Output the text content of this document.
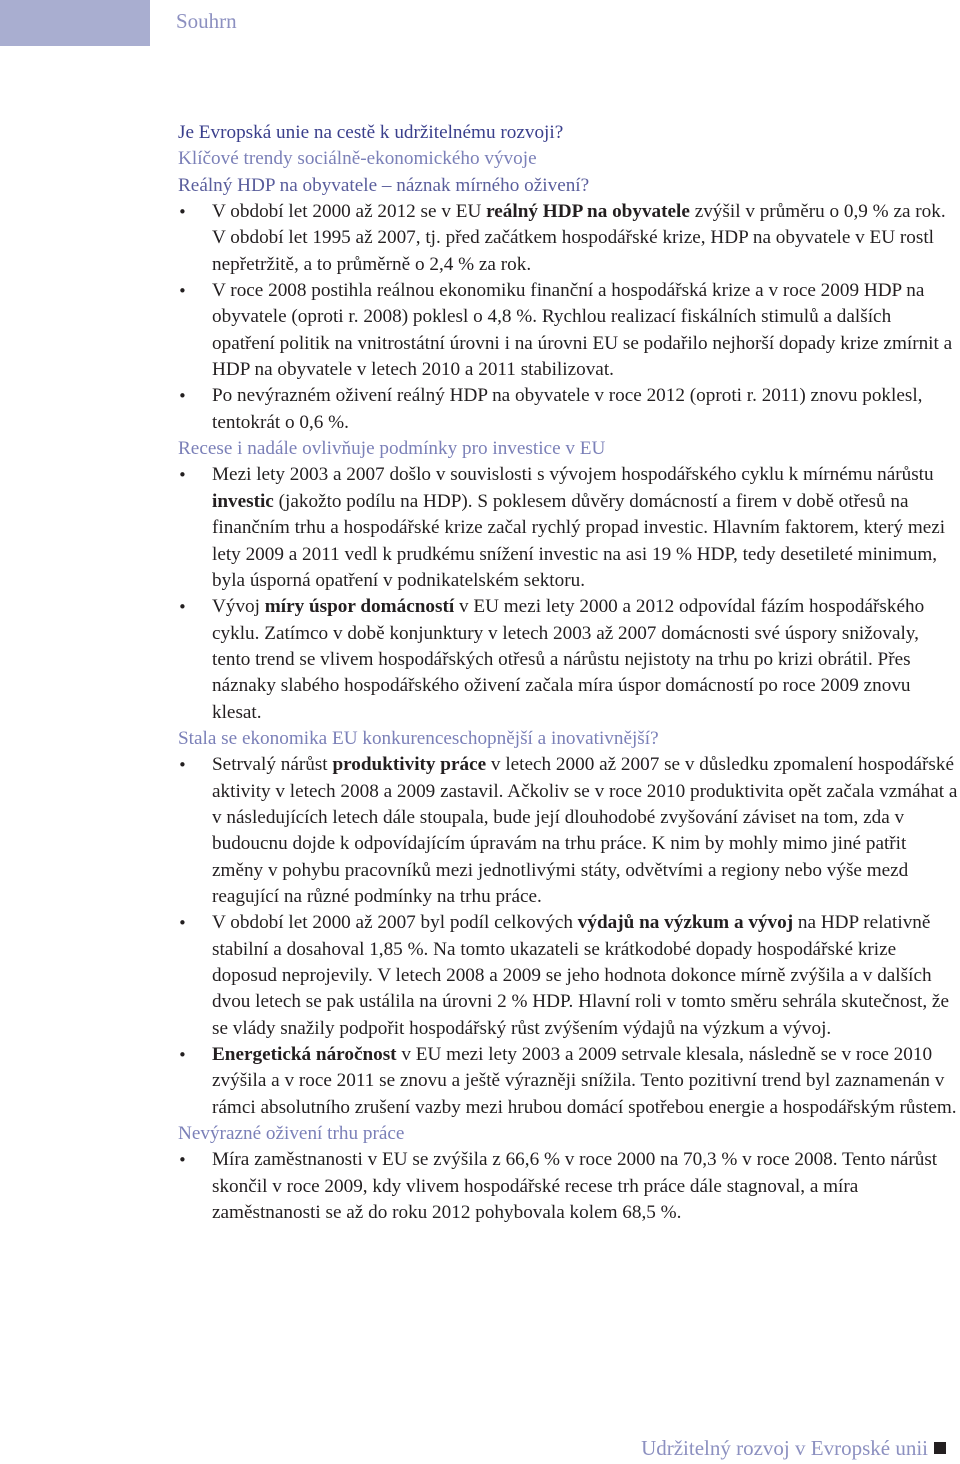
Souhrn
Je Evropská unie na cestě k udržitelnému rozvoji?
Klíčové trendy sociálně-ekonomického vývoje
Reálný HDP na obyvatele – náznak mírného oživení?
•	V období let 2000 až 2012 se v EU reálný HDP na obyvatele zvýšil v průměru o 0,9 % za rok. V období let 1995 až 2007, tj. před začátkem hospodářské krize, HDP na obyvatele v EU rostl nepřetržitě, a to průměrně o 2,4 % za rok.
•	V roce 2008 postihla reálnou ekonomiku finanční a hospodářská krize a v roce 2009 HDP na obyvatele (oproti r. 2008) poklesl o 4,8 %. Rychlou realizací fiskálních stimulů a dalších opatření politik na vnitrostátní úrovni i na úrovni EU se podařilo nejhorší dopady krize zmírnit a HDP na obyvatele v letech 2010 a 2011 stabilizovat.
•	Po nevýrazném oživení reálný HDP na obyvatele v roce 2012 (oproti r. 2011) znovu poklesl, tentokrát o 0,6 %.
Recese i nadále ovlivňuje podmínky pro investice v EU
•	Mezi lety 2003 a 2007 došlo v souvislosti s vývojem hospodářského cyklu k mírnému nárůstu investic (jakožto podílu na HDP). S poklesem důvěry domácností a firem v době otřesů na finančním trhu a hospodářské krize začal rychlý propad investic. Hlavním faktorem, který mezi lety 2009 a 2011 vedl k prudkému snížení investic na asi 19 % HDP, tedy desetileté minimum, byla úsporná opatření v podnikatelském sektoru.
•	Vývoj míry úspor domácností v EU mezi lety 2000 a 2012 odpovídal fázím hospodářského cyklu. Zatímco v době konjunktury v letech 2003 až 2007 domácnosti své úspory snižovaly, tento trend se vlivem hospodářských otřesů a nárůstu nejistoty na trhu po krizi obrátil. Přes náznaky slabého hospodářského oživení začala míra úspor domácností po roce 2009 znovu klesat.
Stala se ekonomika EU konkurenceschopnější a inovativnější?
•	Setrvalý nárůst produktivity práce v letech 2000 až 2007 se v důsledku zpomalení hospodářské aktivity v letech 2008 a 2009 zastavil. Ačkoliv se v roce 2010 produktivita opět začala vzmáhat a v následujících letech dále stoupala, bude její dlouhodobé zvyšování záviset na tom, zda v budoucnu dojde k odpovídajícím úpravám na trhu práce. K nim by mohly mimo jiné patřit změny v pohybu pracovníků mezi jednotlivými státy, odvětvími a regiony nebo výše mezd reagující na různé podmínky na trhu práce.
•	V období let 2000 až 2007 byl podíl celkových výdajů na výzkum a vývoj na HDP relativně stabilní a dosahoval 1,85 %. Na tomto ukazateli se krátkodobé dopady hospodářské krize doposud neprojevily. V letech 2008 a 2009 se jeho hodnota dokonce mírně zvýšila a v dalších dvou letech se pak ustálila na úrovni 2 % HDP. Hlavní roli v tomto směru sehrála skutečnost, že se vlády snažily podpořit hospodářský růst zvýšením výdajů na výzkum a vývoj.
•	Energetická náročnost v EU mezi lety 2003 a 2009 setrvale klesala, následně se v roce 2010 zvýšila a v roce 2011 se znovu a ještě výrazněji snížila. Tento pozitivní trend byl zaznamenán v rámci absolutního zrušení vazby mezi hrubou domácí spotřebou energie a hospodářským růstem.
Nevýrazné oživení trhu práce
•	Míra zaměstnanosti v EU se zvýšila z 66,6 % v roce 2000 na 70,3 % v roce 2008. Tento nárůst skončil v roce 2009, kdy vlivem hospodářské recese trh práce dále stagnoval, a míra zaměstnanosti se až do roku 2012 pohybovala kolem 68,5 %.
Udržitelný rozvoj v Evropské unii
